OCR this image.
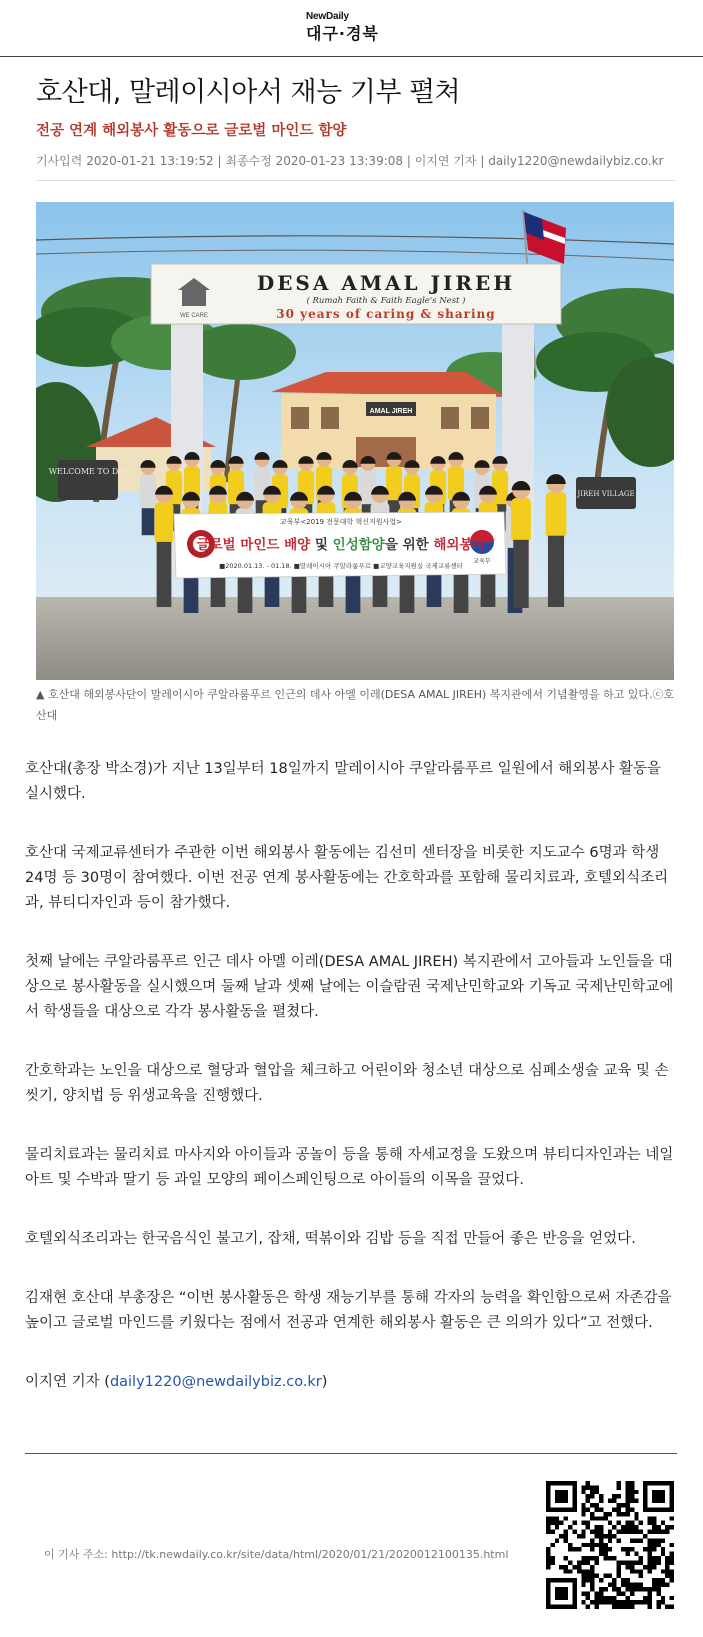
NewDaily
대구·경북
호산대, 말레이시아서 재능 기부 펼쳐
전공 연계 해외봉사 활동으로 글로벌 마인드 함양
기사입력 2020-01-21 13:19:52 | 최종수정 2020-01-23 13:39:08 | 이지연 기자 | daily1220@newdailybiz.co.kr
AMAL JIREH
WELCOME TO DAJ
JIREH VILLAGE
WE CARE
DESA AMAL JIREH
( Rumah Faith & Faith Eagle's Nest )
30 years of caring & sharing
교육부
교육부<2019 전문대학 혁신지원사업>
글로벌 마인드 배양 및 인성함양을 위한 해외봉사
■2020.01.13. - 01.18. ■말레이시아 쿠알라룸푸르 ■교양교육지원실 국제교류센터
▲ 호산대 해외봉사단이 말레이시아 쿠알라룸푸르 인근의 데사 아멜 이레(DESA AMAL JIREH) 복지관에서 기념촬영을 하고 있다.ⓒ호산대

호산대(총장 박소경)가 지난 13일부터 18일까지 말레이시아 쿠알라룸푸르 일원에서 해외봉사 활동을 실시했다.

호산대 국제교류센터가 주관한 이번 해외봉사 활동에는 김선미 센터장을 비롯한 지도교수 6명과 학생 24명 등 30명이 참여했다. 이번 전공 연계 봉사활동에는 간호학과를 포함해 물리치료과, 호텔외식조리과, 뷰티디자인과 등이 참가했다.

첫째 날에는 쿠알라룸푸르 인근 데사 아멜 이레(DESA AMAL JIREH) 복지관에서 고아들과 노인들을 대상으로 봉사활동을 실시했으며 둘째 날과 셋째 날에는 이슬람권 국제난민학교와 기독교 국제난민학교에서 학생들을 대상으로 각각 봉사활동을 펼쳤다.

간호학과는 노인을 대상으로 혈당과 혈압을 체크하고 어린이와 청소년 대상으로 심폐소생술 교육 및 손씻기, 양치법 등 위생교육을 진행했다.

물리치료과는 물리치료 마사지와 아이들과 공놀이 등을 통해 자세교정을 도왔으며 뷰티디자인과는 네일아트 및 수박과 딸기 등 과일 모양의 페이스페인팅으로 아이들의 이목을 끌었다.

호텔외식조리과는 한국음식인 불고기, 잡채, 떡볶이와 김밥 등을 직접 만들어 좋은 반응을 얻었다.

김재현 호산대 부총장은 “이번 봉사활동은 학생 재능기부를 통해 각자의 능력을 확인함으로써 자존감을 높이고 글로벌 마인드를 키웠다는 점에서 전공과 연계한 해외봉사 활동은 큰 의의가 있다”고 전했다.

이지연 기자 (daily1220@newdailybiz.co.kr)

이 기사 주소: http://tk.newdaily.co.kr/site/data/html/2020/01/21/2020012100135.html
